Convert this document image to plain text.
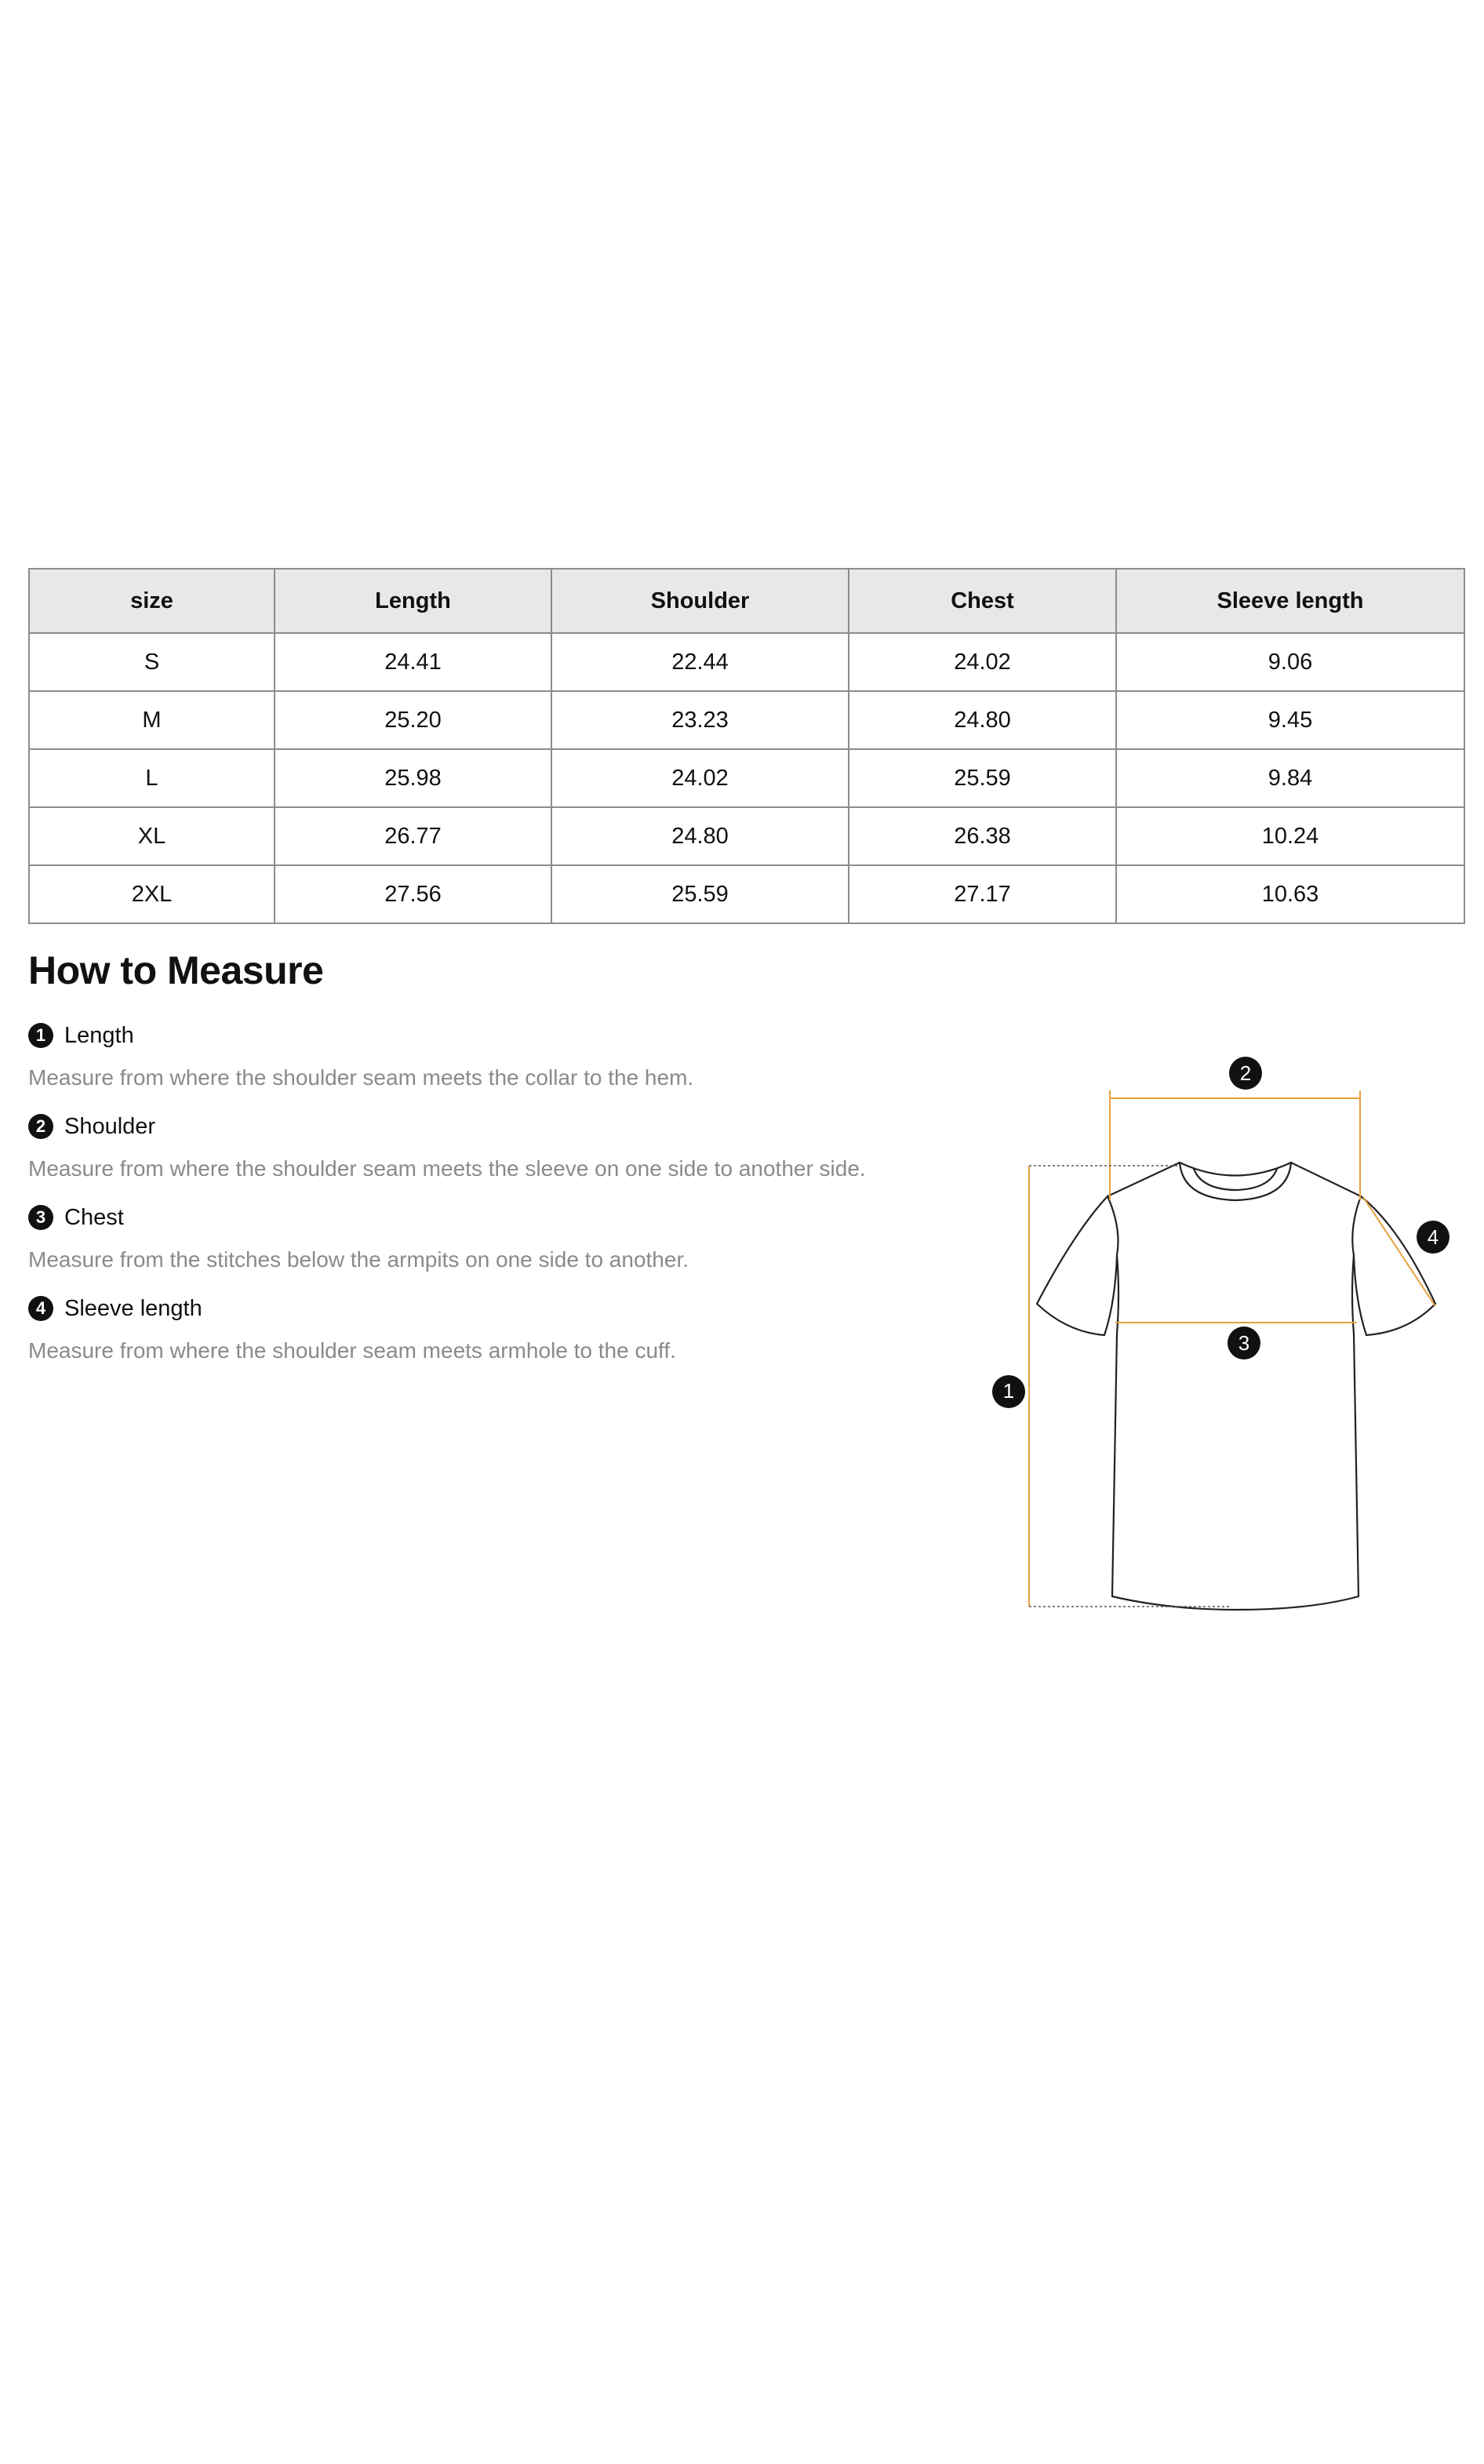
size	Length	Shoulder	Chest	Sleeve length
S	24.41	22.44	24.02	9.06
M	25.20	23.23	24.80	9.45
L	25.98	24.02	25.59	9.84
XL	26.77	24.80	26.38	10.24
2XL	27.56	25.59	27.17	10.63
How to Measure
1 Length
Measure from where the shoulder seam meets the collar to the hem.
2 Shoulder
Measure from where the shoulder seam meets the sleeve on one side to another side.
3 Chest
Measure from the stitches below the armpits on one side to another.
4 Sleeve length
Measure from where the shoulder seam meets armhole to the cuff.
1
2
3
4
